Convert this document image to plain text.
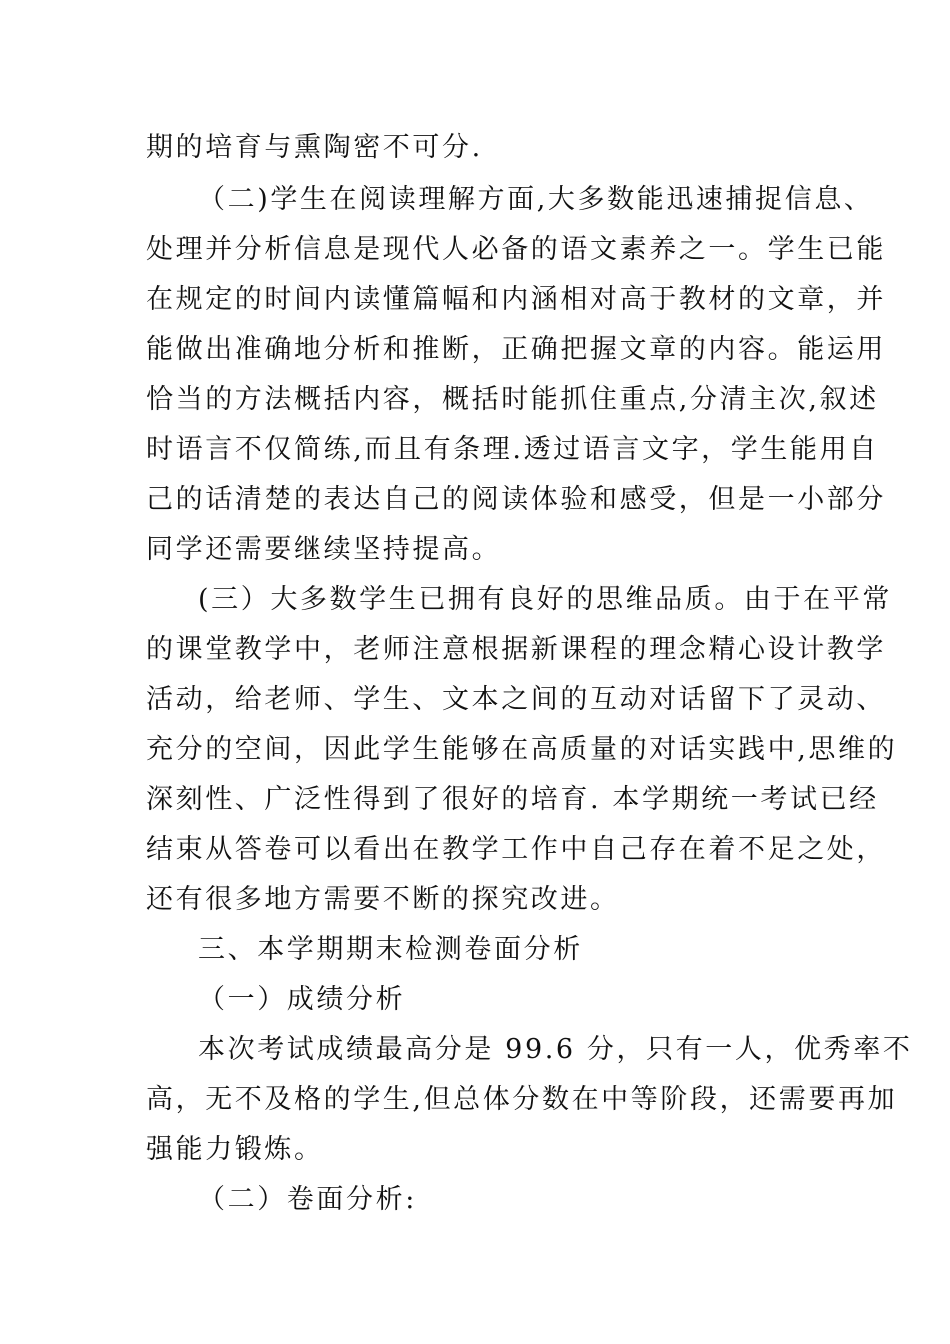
期的培育与熏陶密不可分.
（二)学生在阅读理解方面,大多数能迅速捕捉信息、
处理并分析信息是现代人必备的语文素养之一。学生已能
在规定的时间内读懂篇幅和内涵相对高于教材的文章，并
能做出准确地分析和推断，正确把握文章的内容。能运用
恰当的方法概括内容，概括时能抓住重点,分清主次,叙述
时语言不仅简练,而且有条理.透过语言文字，学生能用自
己的话清楚的表达自己的阅读体验和感受，但是一小部分
同学还需要继续坚持提高。
(三）大多数学生已拥有良好的思维品质。由于在平常
的课堂教学中，老师注意根据新课程的理念精心设计教学
活动，给老师、学生、文本之间的互动对话留下了灵动、
充分的空间，因此学生能够在高质量的对话实践中,思维的
深刻性、广泛性得到了很好的培育. 本学期统一考试已经
结束从答卷可以看出在教学工作中自己存在着不足之处，
还有很多地方需要不断的探究改进。
三、本学期期末检测卷面分析
（一）成绩分析
本次考试成绩最高分是 99.6 分，只有一人，优秀率不
高，无不及格的学生,但总体分数在中等阶段，还需要再加
强能力锻炼。
（二）卷面分析:
